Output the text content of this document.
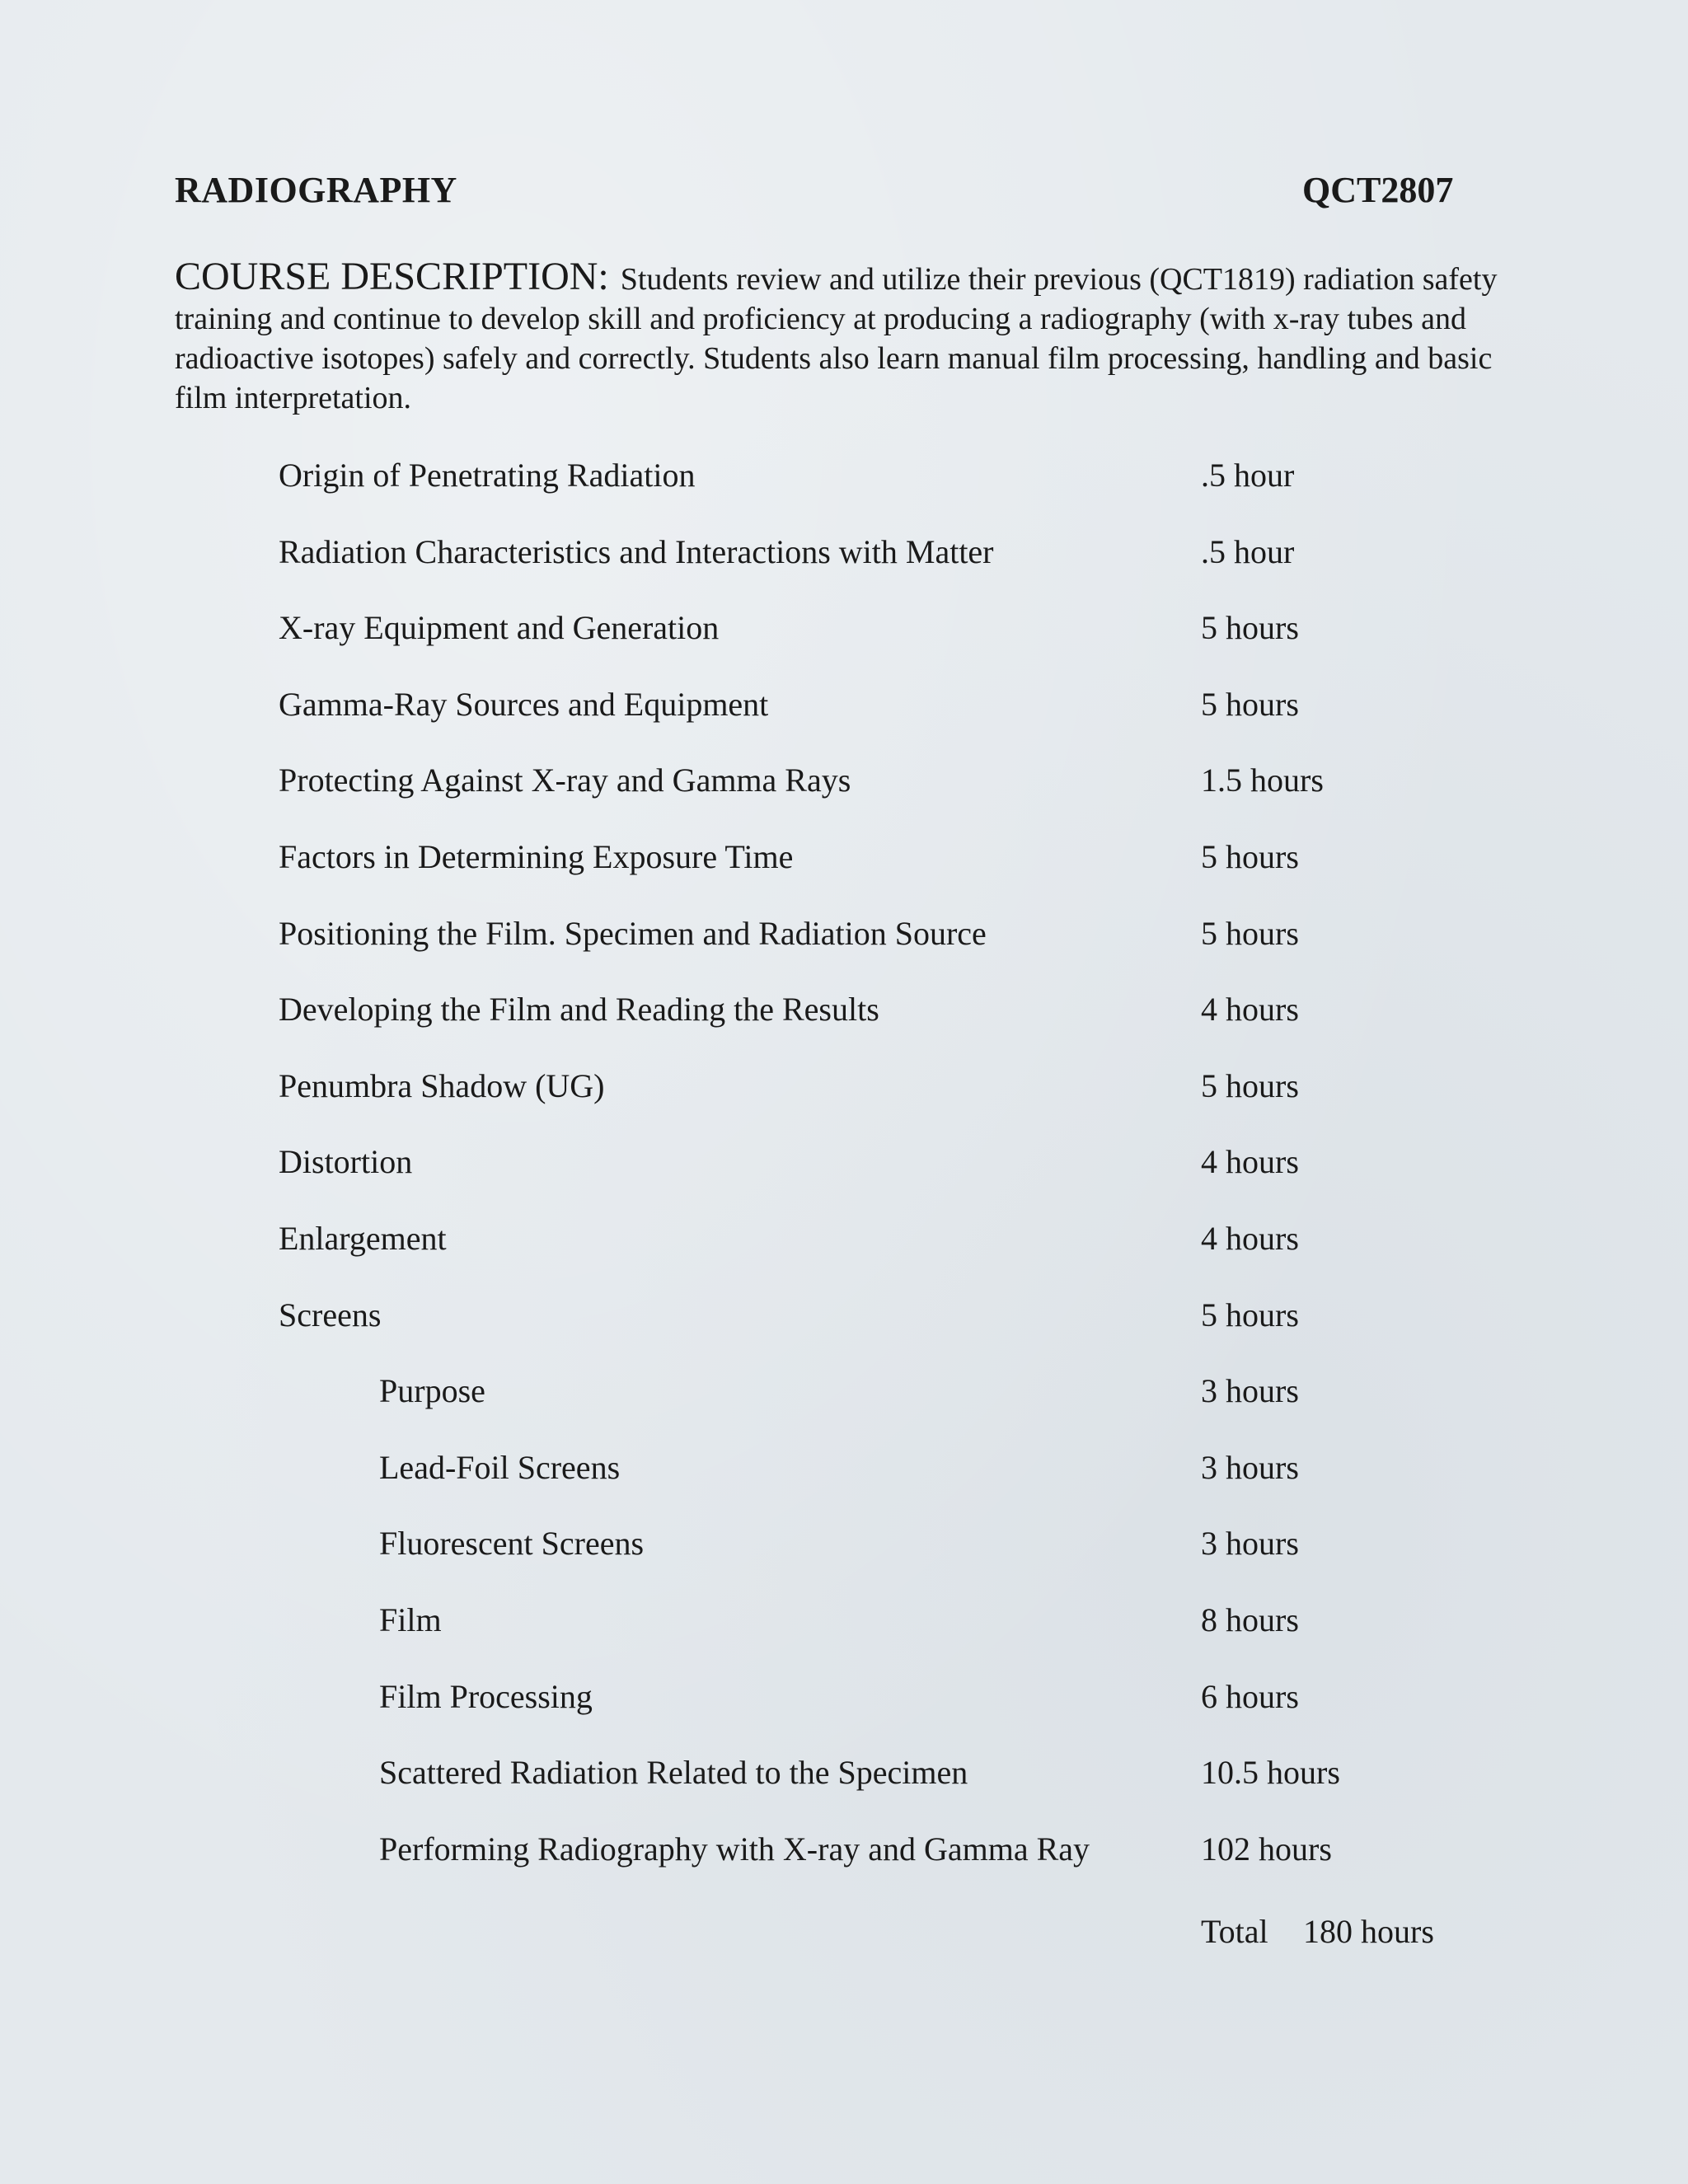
RADIOGRAPHY	QCT2807
COURSE DESCRIPTION: Students review and utilize their previous (QCT1819) radiation safety training and continue to develop skill and proficiency at producing a radiography (with x-ray tubes and radioactive isotopes) safely and correctly. Students also learn manual film processing, handling and basic film interpretation.
Origin of Penetrating Radiation	.5 hour
Radiation Characteristics and Interactions with Matter	.5 hour
X-ray Equipment and Generation	5 hours
Gamma-Ray Sources and Equipment	5 hours
Protecting Against X-ray and Gamma Rays	1.5 hours
Factors in Determining Exposure Time	5 hours
Positioning the Film. Specimen and Radiation Source	5 hours
Developing the Film and Reading the Results	4 hours
Penumbra Shadow (UG)	5 hours
Distortion	4 hours
Enlargement	4 hours
Screens	5 hours
Purpose	3 hours
Lead-Foil Screens	3 hours
Fluorescent Screens	3 hours
Film	8 hours
Film Processing	6 hours
Scattered Radiation Related to the Specimen	10.5 hours
Performing Radiography with X-ray and Gamma Ray	102 hours
Total 180 hours
